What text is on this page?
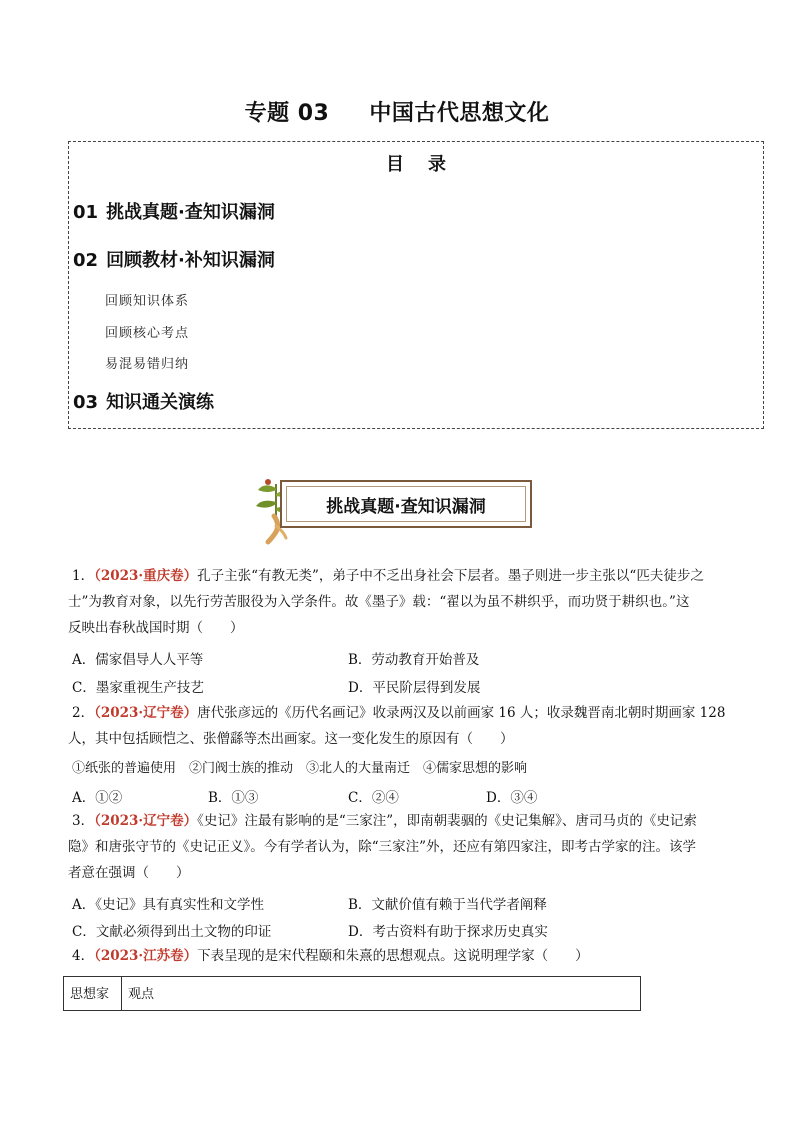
专题 03 中国古代思想文化
目 录
01 挑战真题·查知识漏洞
02 回顾教材·补知识漏洞
回顾知识体系
回顾核心考点
易混易错归纳
03 知识通关演练
挑战真题·查知识漏洞
1．（2023·重庆卷）孔子主张“有教无类”，弟子中不乏出身社会下层者。墨子则进一步主张以“匹夫徒步之
士”为教育对象，以先行劳苦服役为入学条件。故《墨子》载：“翟以为虽不耕织乎，而功贤于耕织也。”这
反映出春秋战国时期（　　）
A．儒家倡导人人平等	B．劳动教育开始普及
C．墨家重视生产技艺	D．平民阶层得到发展
2．（2023·辽宁卷）唐代张彦远的《历代名画记》收录两汉及以前画家 16 人；收录魏晋南北朝时期画家 128
人，其中包括顾恺之、张僧繇等杰出画家。这一变化发生的原因有（　　）
①纸张的普遍使用　②门阀士族的推动　③北人的大量南迁　④儒家思想的影响
A．①②	B．①③	C．②④	D．③④
3．（2023·辽宁卷）《史记》注最有影响的是“三家注”，即南朝裴骃的《史记集解》、唐司马贞的《史记索
隐》和唐张守节的《史记正义》。今有学者认为，除“三家注”外，还应有第四家注，即考古学家的注。该学
者意在强调（　　）
A．《史记》具有真实性和文学性	B．文献价值有赖于当代学者阐释
C．文献必须得到出土文物的印证	D．考古资料有助于探求历史真实
4．（2023·江苏卷）下表呈现的是宋代程颐和朱熹的思想观点。这说明理学家（　　）
思想家	观点
